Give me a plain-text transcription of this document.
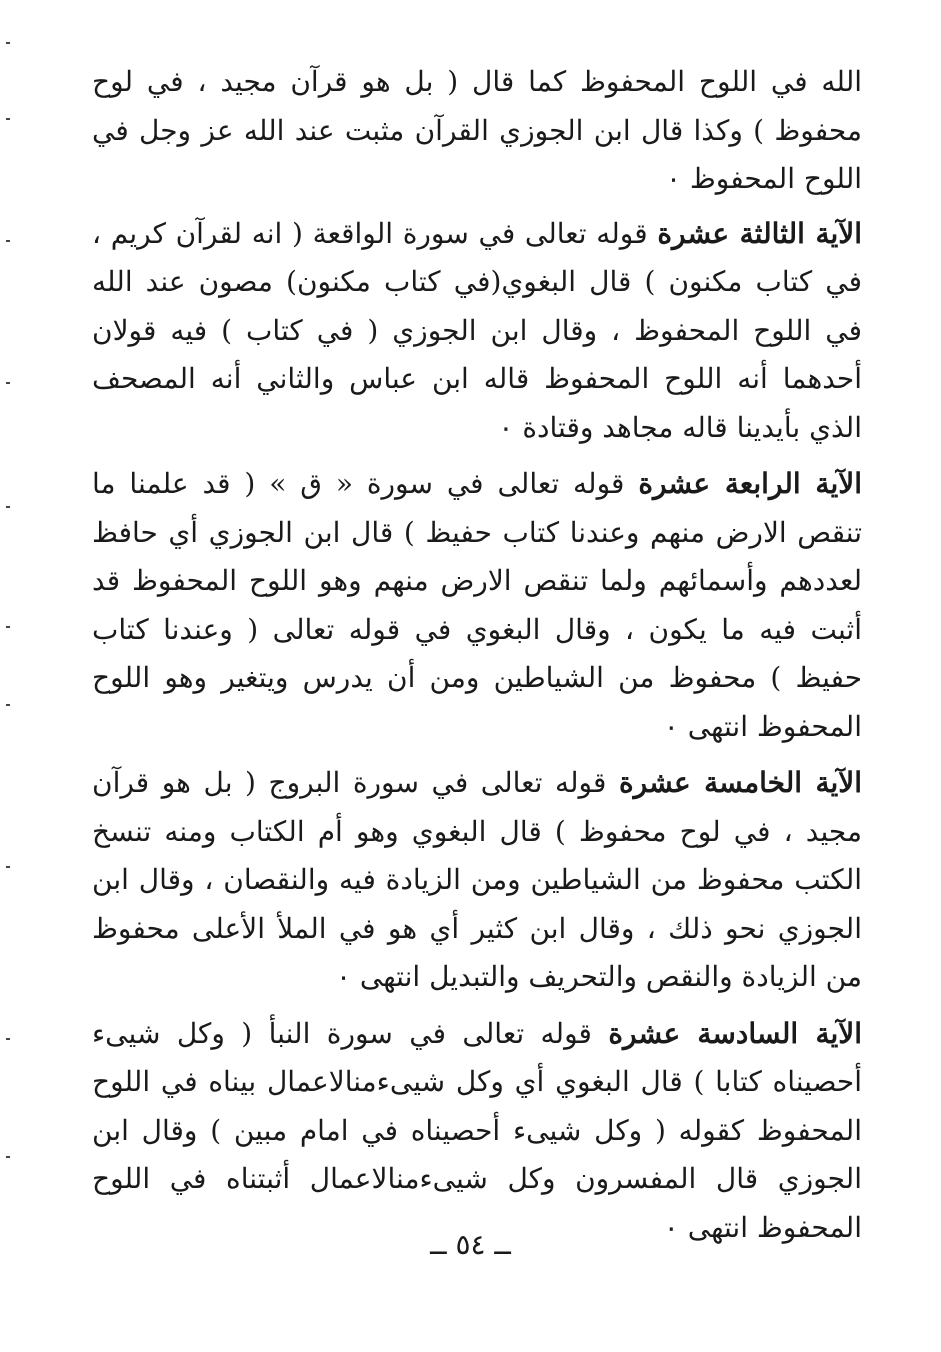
الله في اللوح المحفوظ كما قال ( بل هو قرآن مجيد ، في لوح محفوظ ) وكذا قال ابن الجوزي القرآن مثبت عند الله عز وجل في اللوح المحفوظ ٠

الآية الثالثة عشرة قوله تعالى في سورة الواقعة ( انه لقرآن كريم ، في كتاب مكنون ) قال البغوي(في كتاب مكنون) مصون عند الله في اللوح المحفوظ ، وقال ابن الجوزي ( في كتاب ) فيه قولان أحدهما أنه اللوح المحفوظ قاله ابن عباس والثاني أنه المصحف الذي بأيدينا قاله مجاهد وقتادة ٠

الآية الرابعة عشرة قوله تعالى في سورة « ق » ( قد علمنا ما تنقص الارض منهم وعندنا كتاب حفيظ ) قال ابن الجوزي أي حافظ لعددهم وأسمائهم ولما تنقص الارض منهم وهو اللوح المحفوظ قد أثبت فيه ما يكون ، وقال البغوي في قوله تعالى ( وعندنا كتاب حفيظ ) محفوظ من الشياطين ومن أن يدرس ويتغير وهو اللوح المحفوظ انتهى ٠

الآية الخامسة عشرة قوله تعالى في سورة البروج ( بل هو قرآن مجيد ، في لوح محفوظ ) قال البغوي وهو أم الكتاب ومنه تنسخ الكتب محفوظ من الشياطين ومن الزيادة فيه والنقصان ، وقال ابن الجوزي نحو ذلك ، وقال ابن كثير أي هو في الملأ الأعلى محفوظ من الزيادة والنقص والتحريف والتبديل انتهى ٠

الآية السادسة عشرة قوله تعالى في سورة النبأ ( وكل شيىء أحصيناه كتابا ) قال البغوي أي وكل شيىءمنالاعمال بيناه في اللوح المحفوظ كقوله ( وكل شيىء أحصيناه في امام مبين ) وقال ابن الجوزي قال المفسرون وكل شيىءمنالاعمال أثبتناه في اللوح المحفوظ انتهى ٠

ــ ٥٤ ــ
